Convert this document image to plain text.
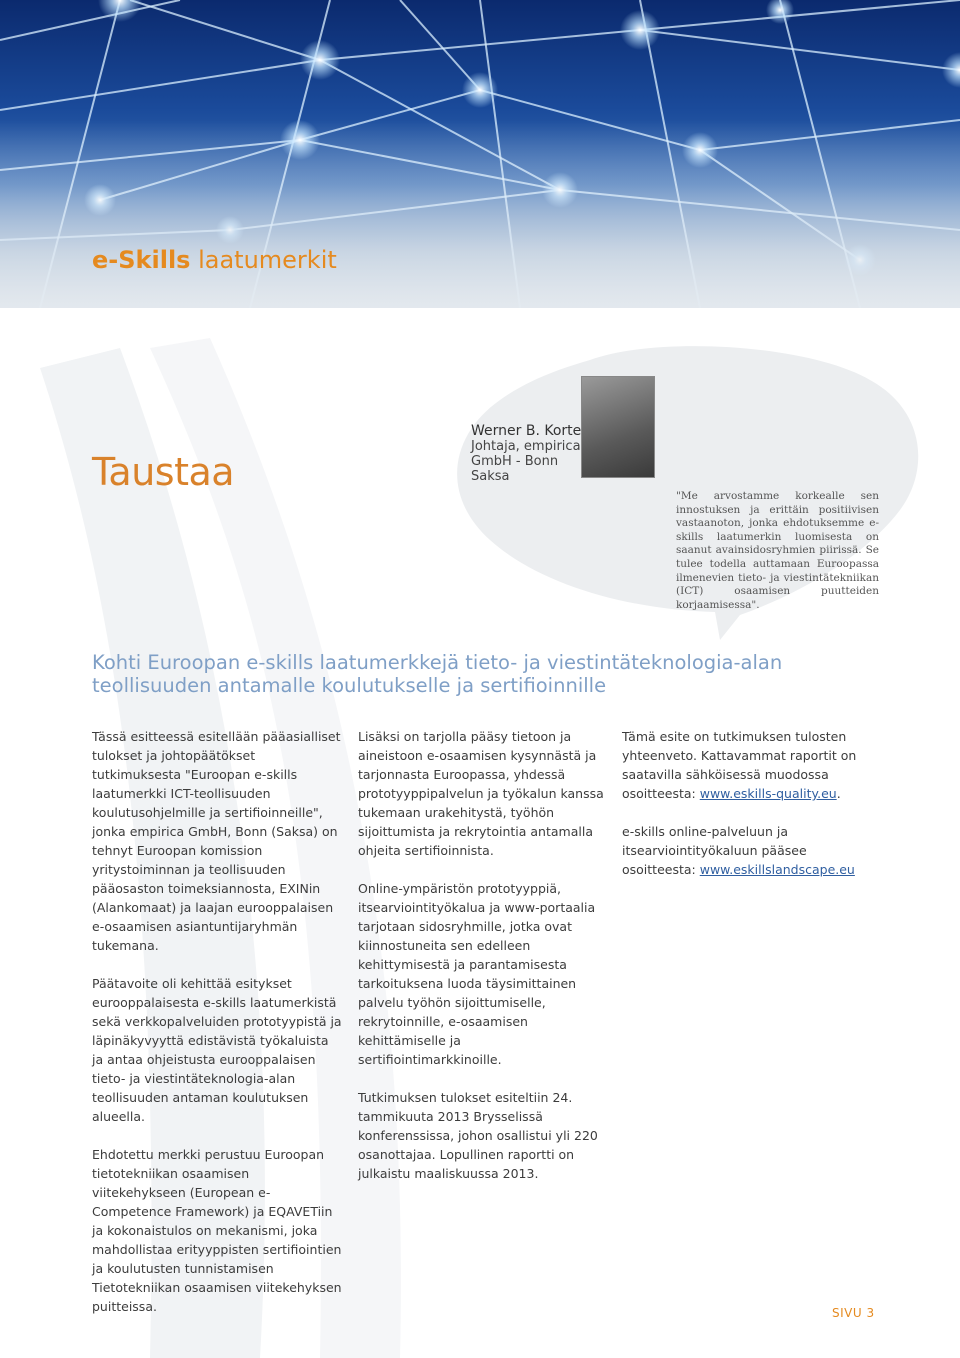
e-Skills laatumerkit
Taustaa
Werner B. Korte
Johtaja, empirica
GmbH - Bonn
Saksa
"Me arvostamme korkealle sen innostuksen ja erittäin positiivisen vastaanoton, jonka ehdotuksemme e-skills laatumerkin luomisesta on saanut avainsidosryhmien piirissä. Se tulee todella auttamaan Euroopassa ilmenevien tieto- ja viestintätekniikan (ICT) osaamisen puutteiden korjaamisessa".
Kohti Euroopan e-skills laatumerkkejä tieto- ja viestintäteknologia-alan teollisuuden antamalle koulutukselle ja sertifioinnille

Tässä esitteessä esitellään pääasialliset tulokset ja johtopäätökset tutkimuksesta "Euroopan e-skills laatumerkki ICT-teollisuuden koulutusohjelmille ja sertifioinneille", jonka empirica GmbH, Bonn (Saksa) on tehnyt Euroopan komission yritystoiminnan ja teollisuuden pääosaston toimeksiannosta, EXINin (Alankomaat) ja laajan eurooppalaisen e-osaamisen asiantuntijaryhmän tukemana.

Päätavoite oli kehittää esitykset eurooppalaisesta e-skills laatumerkistä sekä verkkopalveluiden prototyypistä ja läpinäkyvyyttä edistävistä työkaluista ja antaa ohjeistusta eurooppalaisen tieto- ja viestintäteknologia-alan teollisuuden antaman koulutuksen alueella.

Ehdotettu merkki perustuu Euroopan tietotekniikan osaamisen viitekehykseen (European e-Competence Framework) ja EQAVETiin ja kokonaistulos on mekanismi, joka mahdollistaa erityyppisten sertifiointien ja koulutusten tunnistamisen Tietotekniikan osaamisen viitekehyksen puitteissa.

Lisäksi on tarjolla pääsy tietoon ja aineistoon e-osaamisen kysynnästä ja tarjonnasta Euroopassa, yhdessä prototyyppipalvelun ja työkalun kanssa tukemaan urakehitystä, työhön sijoittumista ja rekrytointia antamalla ohjeita sertifioinnista.

Online-ympäristön prototyyppiä, itsearviointityökalua ja www-portaalia tarjotaan sidosryhmille, jotka ovat kiinnostuneita sen edelleen kehittymisestä ja parantamisesta tarkoituksena luoda täysimittainen palvelu työhön sijoittumiselle, rekrytoinnille, e-osaamisen kehittämiselle ja sertifiointimarkkinoille.

Tutkimuksen tulokset esiteltiin 24. tammikuuta 2013 Brysselissä konferenssissa, johon osallistui yli 220 osanottajaa. Lopullinen raportti on julkaistu maaliskuussa 2013.

Tämä esite on tutkimuksen tulosten yhteenveto. Kattavammat raportit on saatavilla sähköisessä muodossa osoitteesta: www.eskills-quality.eu.

e-skills online-palveluun ja itsearviointityökaluun pääsee osoitteesta: www.eskillslandscape.eu

SIVU 3
